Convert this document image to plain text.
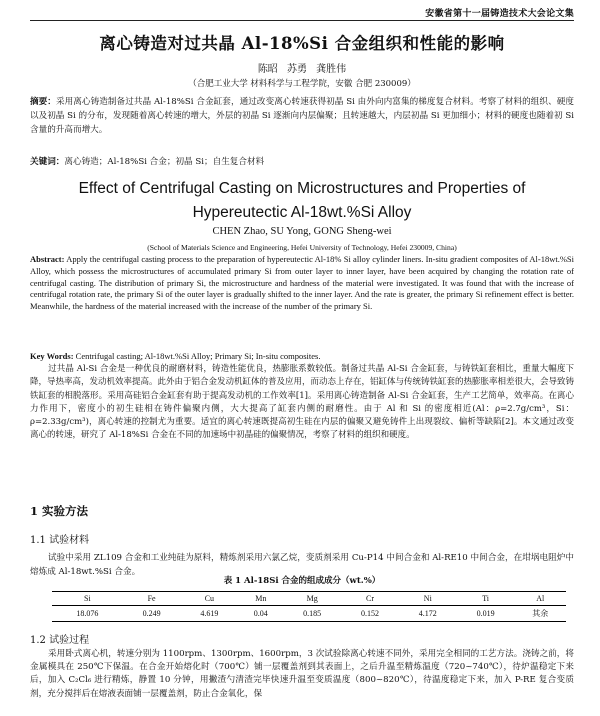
安徽省第十一届铸造技术大会论文集
离心铸造对过共晶 Al-18%Si 合金组织和性能的影响
陈昭 苏勇 龚胜伟
（合肥工业大学 材料科学与工程学院，安徽 合肥 230009）
摘要：采用离心铸造制备过共晶 Al-18%Si 合金缸套，通过改变离心转速获得初晶 Si 由外向内富集的梯度复合材料。考察了材料的组织、硬度以及初晶 Si 的分布，发现随着离心转速的增大，外层的初晶 Si 逐渐向内层偏聚；且转速越大，内层初晶 Si 更加细小；材料的硬度也随着初 Si 含量的升高而增大。
关键词：离心铸造；Al-18%Si 合金；初晶 Si；自生复合材料
Effect of Centrifugal Casting on Microstructures and Properties of
Hypereutectic Al-18wt.%Si Alloy
CHEN Zhao, SU Yong, GONG Sheng-wei
(School of Materials Science and Engineering, Hefei University of Technology, Hefei 230009, China)
Abstract: Apply the centrifugal casting process to the preparation of hypereutectic Al-18% Si alloy cylinder liners. In-situ gradient composites of Al-18wt.%Si Alloy, which possess the microstructures of accumulated primary Si from outer layer to inner layer, have been acquired by changing the rotation rate of centrifugal casting. The distribution of primary Si, the microstructure and hardness of the material were investigated. It was found that with the increase of centrifugal rotation rate, the primary Si of the outer layer is gradually shifted to the inner layer. And the rate is greater, the primary Si refinement effect is better. Meanwhile, the hardness of the material increased with the increase of the number of the primary Si.
Key Words: Centrifugal casting; Al-18wt.%Si Alloy; Primary Si; In-situ composites.
过共晶 Al-Si 合金是一种优良的耐磨材料，铸造性能优良，热膨胀系数较低。制备过共晶 Al-Si 合金缸套，与铸铁缸套相比，重量大幅度下降，导热率高，发动机效率提高。此外由于铝合金发动机缸体的普及应用，而动态上存在，铝缸体与传统铸铁缸套的热膨胀率相差很大，会导致铸铁缸套的相脱落形。采用高硅铝合金缸套有助于提高发动机的工作效率[1]。采用离心铸造制备 Al-Si 合金缸套，生产工艺简单，效率高。在离心力作用下，密度小的初生硅相在铸件偏聚内侧，大大提高了缸套内侧的耐磨性。由于 Al 和 Si 的密度相近(Al：ρ=2.7g/cm³，Si：ρ=2.33g/cm³)，离心转速的控制尤为重要。适宜的离心转速既提高初生硅在内层的偏聚又避免铸件上出现裂纹、偏析等缺陷[2]。本文通过改变离心的转速，研究了 Al-18%Si 合金在不同的加速场中初晶硅的偏聚情况，考察了材料的组织和硬度。
1 实验方法
1.1 试验材料
试验中采用 ZL109 合金和工业纯硅为原料，精炼剂采用六氯乙烷，变质剂采用 Cu-P14 中间合金和 Al-RE10 中间合金，在坩埚电阻炉中熔炼成 Al-18wt.%Si 合金。
表 1 Al-18Si 合金的组成成分（wt.%）
Si	Fe	Cu	Mn	Mg	Cr	Ni	Ti	Al
18.076	0.249	4.619	0.04	0.185	0.152	4.172	0.019	其余
1.2 试验过程
采用卧式离心机，转速分别为 1100rpm、1300rpm、1600rpm，3 次试验除离心转速不同外，采用完全相同的工艺方法。浇铸之前，将金属模具在 250℃下保温。在合金开始熔化时（700℃）铺一层覆盖剂到其表面上，之后升温至精炼温度（720~740℃），待炉温稳定下来后，加入 C₂Cl₆ 进行精炼，静置 10 分钟，用撇渣勺清渣完毕快速升温至变质温度（800~820℃），待温度稳定下来，加入 P-RE 复合变质剂，充分搅拌后在熔液表面铺一层覆盖剂，防止合金氧化，保
